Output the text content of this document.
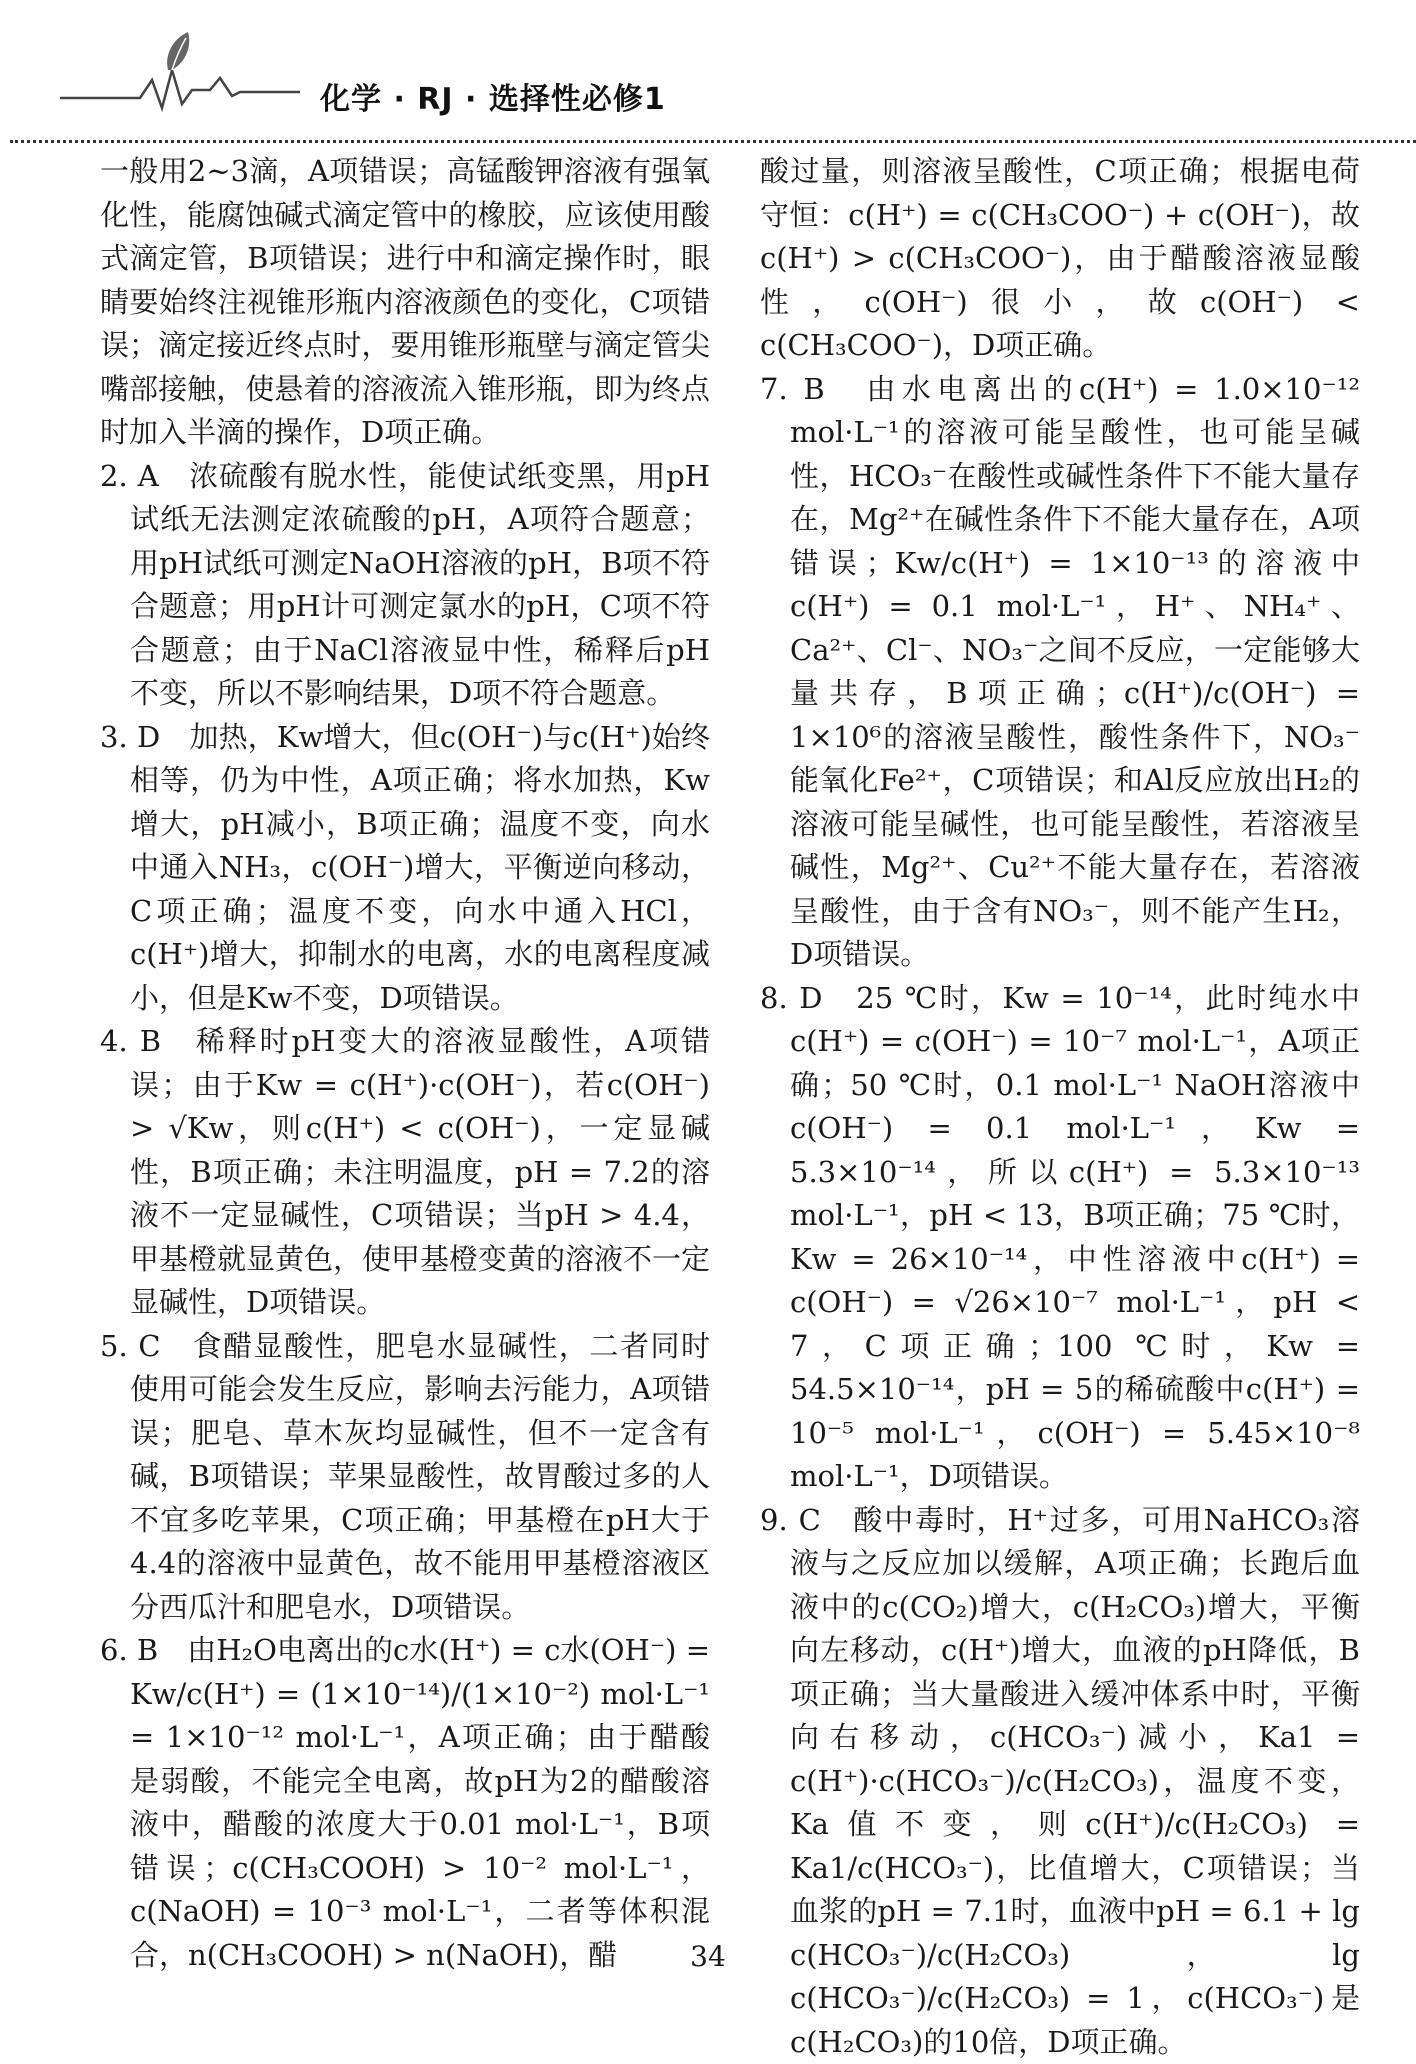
化学 · RJ · 选择性必修1

一般用2~3滴，A项错误；高锰酸钾溶液有强氧化性，能腐蚀碱式滴定管中的橡胶，应该使用酸式滴定管，B项错误；进行中和滴定操作时，眼睛要始终注视锥形瓶内溶液颜色的变化，C项错误；滴定接近终点时，要用锥形瓶壁与滴定管尖嘴部接触，使悬着的溶液流入锥形瓶，即为终点时加入半滴的操作，D项正确。

2. A　浓硫酸有脱水性，能使试纸变黑，用pH试纸无法测定浓硫酸的pH，A项符合题意；用pH试纸可测定NaOH溶液的pH，B项不符合题意；用pH计可测定氯水的pH，C项不符合题意；由于NaCl溶液显中性，稀释后pH不变，所以不影响结果，D项不符合题意。

3. D　加热，Kw增大，但c(OH⁻)与c(H⁺)始终相等，仍为中性，A项正确；将水加热，Kw增大，pH减小，B项正确；温度不变，向水中通入NH₃，c(OH⁻)增大，平衡逆向移动，C项正确；温度不变，向水中通入HCl，c(H⁺)增大，抑制水的电离，水的电离程度减小，但是Kw不变，D项错误。

4. B　稀释时pH变大的溶液显酸性，A项错误；由于Kw = c(H⁺)·c(OH⁻)，若c(OH⁻) > √Kw，则c(H⁺) < c(OH⁻)，一定显碱性，B项正确；未注明温度，pH = 7.2的溶液不一定显碱性，C项错误；当pH > 4.4，甲基橙就显黄色，使甲基橙变黄的溶液不一定显碱性，D项错误。

5. C　食醋显酸性，肥皂水显碱性，二者同时使用可能会发生反应，影响去污能力，A项错误；肥皂、草木灰均显碱性，但不一定含有碱，B项错误；苹果显酸性，故胃酸过多的人不宜多吃苹果，C项正确；甲基橙在pH大于4.4的溶液中显黄色，故不能用甲基橙溶液区分西瓜汁和肥皂水，D项错误。

6. B　由H₂O电离出的c水(H⁺) = c水(OH⁻) = Kw/c(H⁺) = (1×10⁻¹⁴)/(1×10⁻²) mol·L⁻¹ = 1×10⁻¹² mol·L⁻¹，A项正确；由于醋酸是弱酸，不能完全电离，故pH为2的醋酸溶液中，醋酸的浓度大于0.01 mol·L⁻¹，B项错误；c(CH₃COOH) > 10⁻² mol·L⁻¹，c(NaOH) = 10⁻³ mol·L⁻¹，二者等体积混合，n(CH₃COOH) > n(NaOH)，醋

酸过量，则溶液呈酸性，C项正确；根据电荷守恒：c(H⁺) = c(CH₃COO⁻) + c(OH⁻)，故c(H⁺) > c(CH₃COO⁻)，由于醋酸溶液显酸性，c(OH⁻)很小，故c(OH⁻) < c(CH₃COO⁻)，D项正确。

7. B　由水电离出的c(H⁺) = 1.0×10⁻¹² mol·L⁻¹的溶液可能呈酸性，也可能呈碱性，HCO₃⁻在酸性或碱性条件下不能大量存在，Mg²⁺在碱性条件下不能大量存在，A项错误；Kw/c(H⁺) = 1×10⁻¹³的溶液中c(H⁺) = 0.1 mol·L⁻¹，H⁺、NH₄⁺、Ca²⁺、Cl⁻、NO₃⁻之间不反应，一定能够大量共存，B项正确；c(H⁺)/c(OH⁻) = 1×10⁶的溶液呈酸性，酸性条件下，NO₃⁻能氧化Fe²⁺，C项错误；和Al反应放出H₂的溶液可能呈碱性，也可能呈酸性，若溶液呈碱性，Mg²⁺、Cu²⁺不能大量存在，若溶液呈酸性，由于含有NO₃⁻，则不能产生H₂，D项错误。

8. D　25 ℃时，Kw = 10⁻¹⁴，此时纯水中c(H⁺) = c(OH⁻) = 10⁻⁷ mol·L⁻¹，A项正确；50 ℃时，0.1 mol·L⁻¹ NaOH溶液中c(OH⁻) = 0.1 mol·L⁻¹，Kw = 5.3×10⁻¹⁴，所以c(H⁺) = 5.3×10⁻¹³ mol·L⁻¹，pH < 13，B项正确；75 ℃时，Kw = 26×10⁻¹⁴，中性溶液中c(H⁺) = c(OH⁻) = √26×10⁻⁷ mol·L⁻¹，pH < 7，C项正确；100 ℃时，Kw = 54.5×10⁻¹⁴，pH = 5的稀硫酸中c(H⁺) = 10⁻⁵ mol·L⁻¹，c(OH⁻) = 5.45×10⁻⁸ mol·L⁻¹，D项错误。

9. C　酸中毒时，H⁺过多，可用NaHCO₃溶液与之反应加以缓解，A项正确；长跑后血液中的c(CO₂)增大，c(H₂CO₃)增大，平衡向左移动，c(H⁺)增大，血液的pH降低，B项正确；当大量酸进入缓冲体系中时，平衡向右移动，c(HCO₃⁻)减小，Ka1 = c(H⁺)·c(HCO₃⁻)/c(H₂CO₃)，温度不变，Ka值不变，则c(H⁺)/c(H₂CO₃) = Ka1/c(HCO₃⁻)，比值增大，C项错误；当血浆的pH = 7.1时，血液中pH = 6.1 + lg c(HCO₃⁻)/c(H₂CO₃)，lg c(HCO₃⁻)/c(H₂CO₃) = 1，c(HCO₃⁻)是c(H₂CO₃)的10倍，D项正确。

34
